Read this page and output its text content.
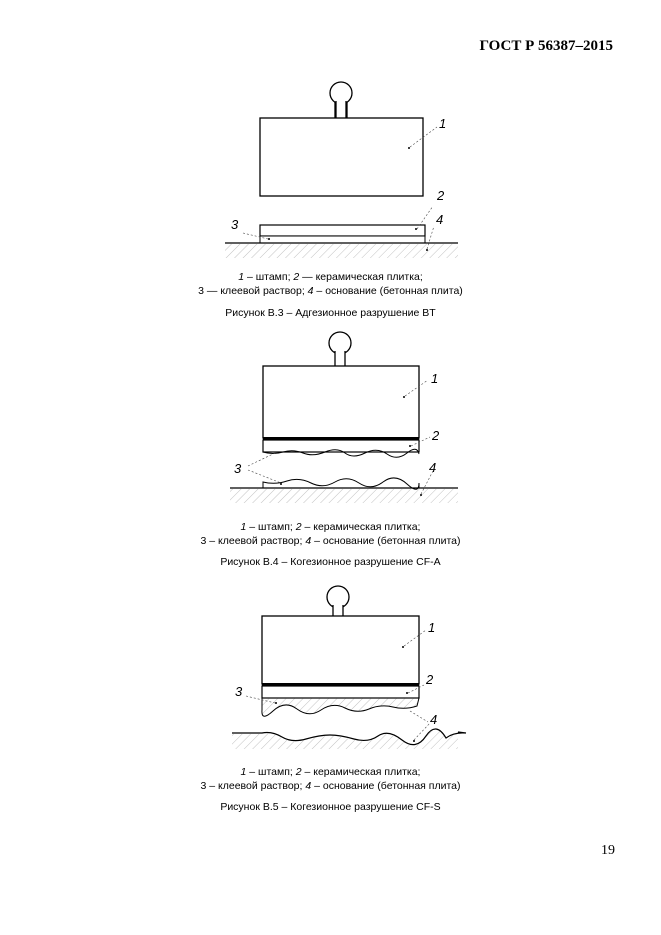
ГОСТ Р 56387–2015
1
2
3	4
1 – штамп; 2 — керамическая плитка;
3 — клеевой раствор; 4 – основание (бетонная плита)
Рисунок В.3 – Адгезионное разрушение BT
1
2
3	4
1 – штамп; 2 – керамическая плитка;
3 – клеевой раствор; 4 – основание (бетонная плита)
Рисунок В.4 – Когезионное разрушение CF-A
1
2
3
4
1 – штамп; 2 – керамическая плитка;
3 – клеевой раствор; 4 – основание (бетонная плита)
Рисунок В.5 – Когезионное разрушение CF-S
19
